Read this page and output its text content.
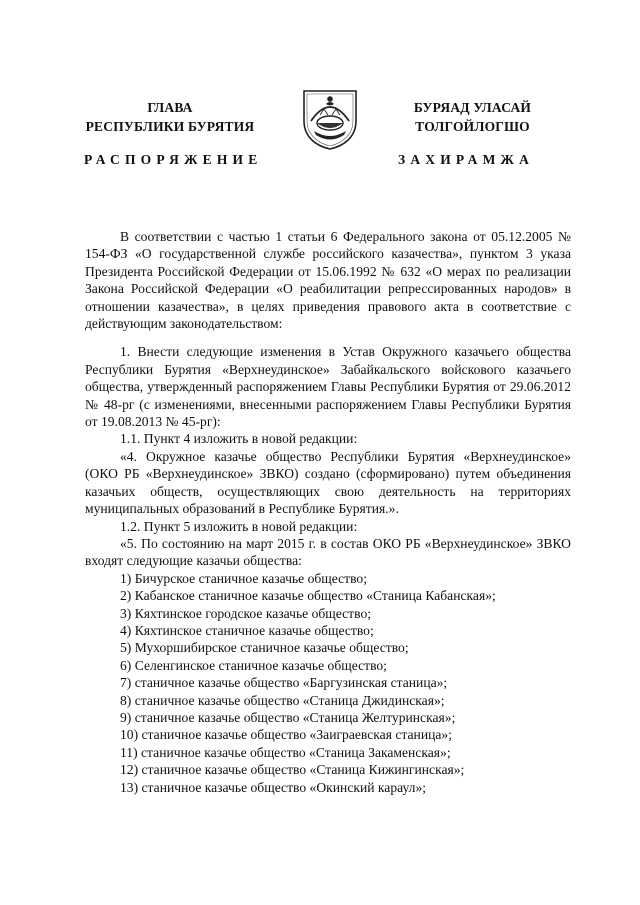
ГЛАВА
РЕСПУБЛИКИ БУРЯТИЯ
БУРЯАД УЛАСАЙ
ТОЛГОЙЛОГШО
РАСПОРЯЖЕНИЕ	ЗАХИРАМЖА

В соответствии с частью 1 статьи 6 Федерального закона от 05.12.2005 № 154-ФЗ «О государственной службе российского казачества», пунктом 3 указа Президента Российской Федерации от 15.06.1992 № 632 «О мерах по реализации Закона Российской Федерации «О реабилитации репрессированных народов» в отношении казачества», в целях приведения правового акта в соответствие с действующим законодательством:

1. Внести следующие изменения в Устав Окружного казачьего общества Республики Бурятия «Верхнеудинское» Забайкальского войскового казачьего общества, утвержденный распоряжением Главы Республики Бурятия от 29.06.2012 № 48-рг (с изменениями, внесенными распоряжением Главы Республики Бурятия от 19.08.2013 № 45-рг):

1.1. Пункт 4 изложить в новой редакции:

«4. Окружное казачье общество Республики Бурятия «Верхнеудинское» (ОКО РБ «Верхнеудинское» ЗВКО) создано (сформировано) путем объединения казачьих обществ, осуществляющих свою деятельность на территориях муниципальных образований в Республике Бурятия.».

1.2. Пункт 5 изложить в новой редакции:

«5. По состоянию на март 2015 г. в состав ОКО РБ «Верхнеудинское» ЗВКО входят следующие казачьи общества:

1) Бичурское станичное казачье общество;

2) Кабанское станичное казачье общество «Станица Кабанская»;

3) Кяхтинское городское казачье общество;

4) Кяхтинское станичное казачье общество;

5) Мухоршибирское станичное казачье общество;

6) Селенгинское станичное казачье общество;

7) станичное казачье общество «Баргузинская станица»;

8) станичное казачье общество «Станица Джидинская»;

9) станичное казачье общество «Станица Желтуринская»;

10) станичное казачье общество «Заиграевская станица»;

11) станичное казачье общество «Станица Закаменская»;

12) станичное казачье общество «Станица Кижингинская»;

13) станичное казачье общество «Окинский караул»;
